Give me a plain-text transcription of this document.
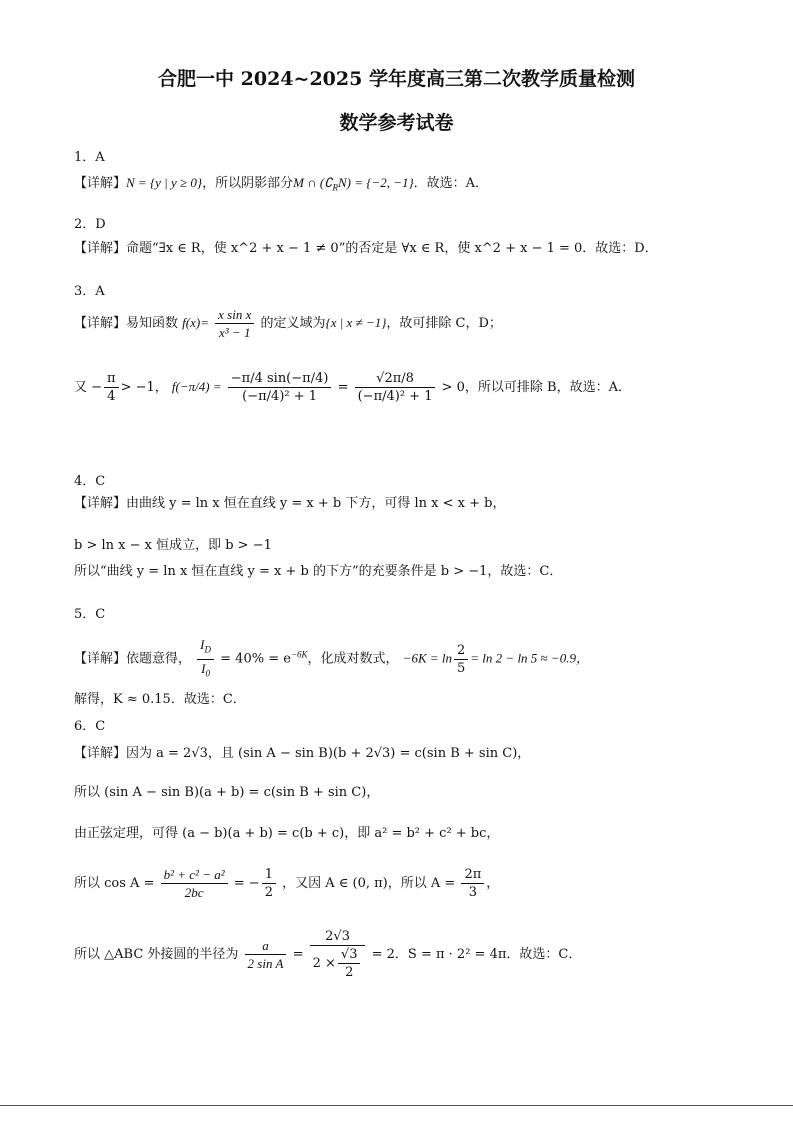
合肥一中 2024~2025 学年度高三第二次教学质量检测
数学参考试卷
1．A
【详解】N = {y | y ≥ 0}，所以阴影部分M ∩ $(∁_RN) = \{-2$, −1}．故选：A．
2．D
【详解】命题“∃x ∈ R，使 x^2 + x − 1 ≠ 0”的否定是 ∀x ∈ R，使 x^2 + x − 1 = 0．故选：D．
3．A
【详解】易知函数 $f(x)= \frac{\text{x sin x}}{\text{x³ − 1}}$ 的定义域为{x | x ≠ −1}，故可排除 C，D；
又 − $\frac{\pi}{4} > -1$， $f(-\pi/4) = \frac{-\pi/4 \sin(-\pi/4)}{\text{(−π/4)² + 1}} = \frac{√2\pi/8}{\text{(−π/4)² + 1}} > 0$，所以可排除 B，故选：A．
4．C
【详解】由曲线 y = ln x 恒在直线 y = x + b 下方，可得 ln x < x + b，
b > ln x − x 恒成立，即 b > −1
所以“曲线 y = ln x 恒在直线 y = x + b 的下方”的充要条件是 b > −1，故选：C．
5．C
【详解】依题意得， $\frac{I_D}{I_0} = 40\% = e^{-6K}$，化成对数式， $-6K = \ln \frac{2}{5} = \ln 2 - \ln 5 \approx -0.9$，
解得，K ≈ 0.15．故选：C．
6．C
【详解】因为 a = 2√3，且 (sin A − sin B)(b + 2√3) = c(sin B + sin C)，
所以 (sin A − sin B)(a + b) = c(sin B + sin C)，
由正弦定理，可得 (a − b)(a + b) = c(b + c)，即 a² = b² + c² + bc，
所以 $\cos A = \frac{\text{b² + c² − a²}}{2bc}$ = − $\frac{1}{2}$ ，又因 A ∈ (0, π)，所以 $A = \frac{2\pi}{3}$ ，
所以 △ABC 外接圆的半径为 $\frac{a}{\text{2 sin A}} = \frac{2√3}{2 \times \frac{√3}{2}} = 2$．S = π · 2² = 4π．故选：C．
